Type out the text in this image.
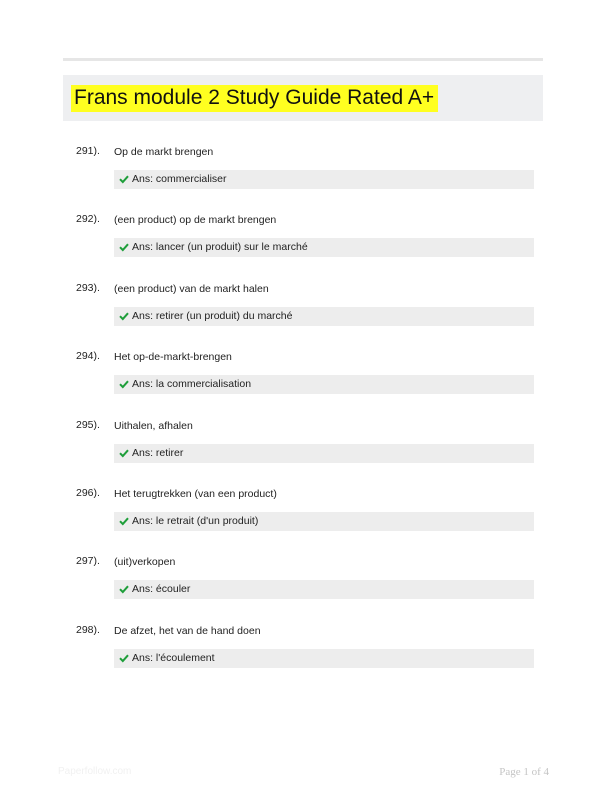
Frans module 2 Study Guide Rated A+
291). Op de markt brengen
Ans: commercialiser
292). (een product) op de markt brengen
Ans: lancer (un produit) sur le marché
293). (een product) van de markt halen
Ans: retirer (un produit) du marché
294). Het op-de-markt-brengen
Ans: la commercialisation
295). Uithalen, afhalen
Ans: retirer
296). Het terugtrekken (van een product)
Ans: le retrait (d'un produit)
297). (uit)verkopen
Ans: écouler
298). De afzet, het van de hand doen
Ans: l'écoulement
Paperfollow.com	Page 1 of 4
